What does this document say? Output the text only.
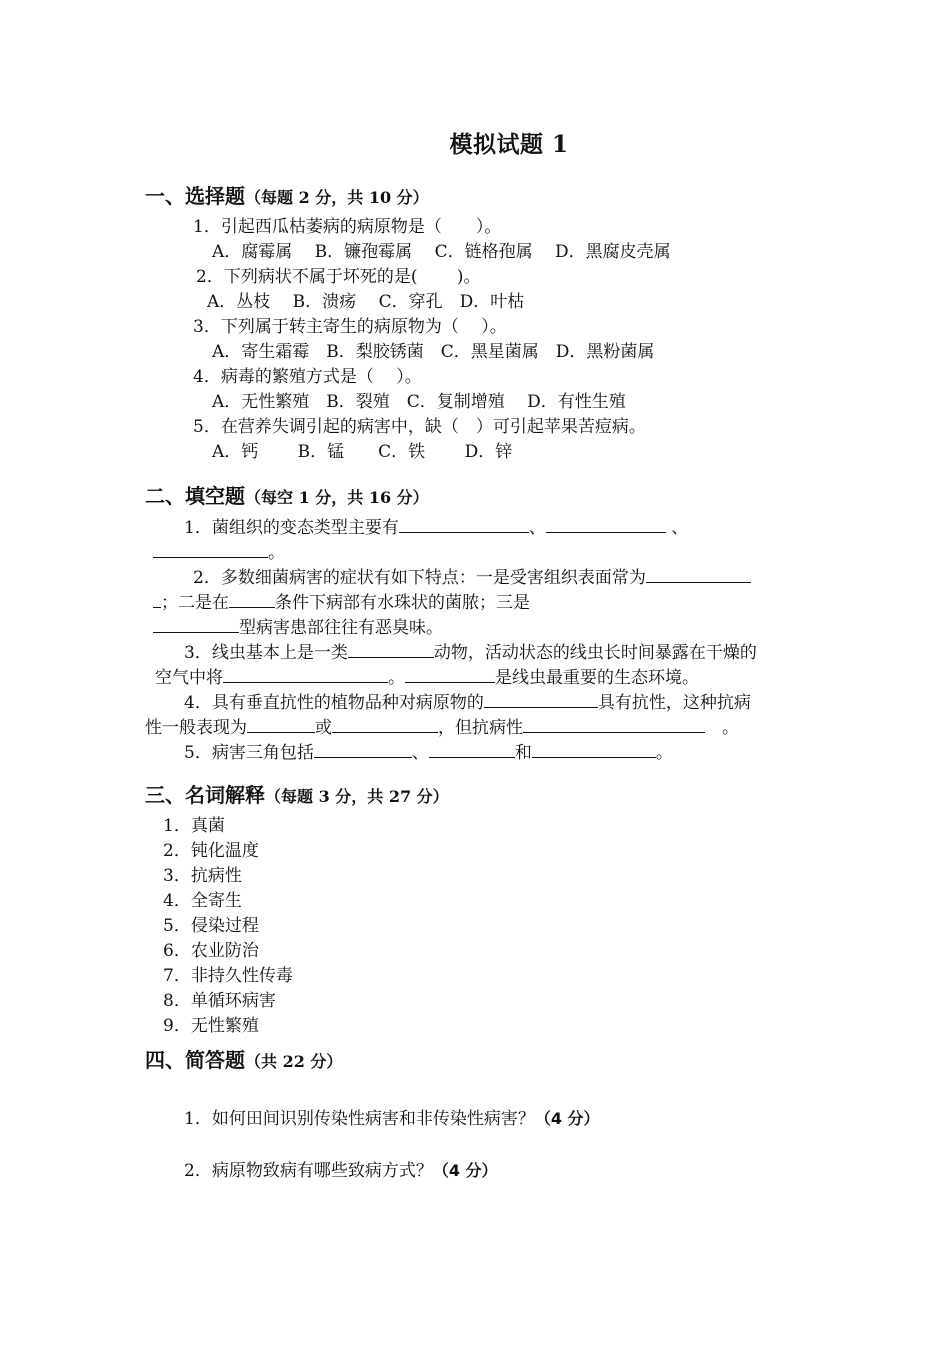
模拟试题 1
一、选择题（每题 2 分，共 10 分）
1．引起西瓜枯萎病的病原物是（　　）。
A．腐霉属　 B．镰孢霉属　 C．链格孢属　 D．黑腐皮壳属
2．下列病状不属于坏死的是(　　 )。
A．丛枝　 B．溃疡　 C．穿孔　D．叶枯
3．下列属于转主寄生的病原物为（　 ）。
A．寄生霜霉　B．梨胶锈菌　C．黑星菌属　D．黑粉菌属
4．病毒的繁殖方式是（　 ）。
A．无性繁殖　B．裂殖　C．复制增殖　 D．有性生殖
5．在营养失调引起的病害中，缺（　）可引起苹果苦痘病。
A．钙　　 B．锰　　C．铁　　 D．锌
二、填空题（每空 1 分，共 16 分）
1．菌组织的变态类型主要有	、	、
。
2．多数细菌病害的症状有如下特点：一是受害组织表面常为
；二是在	条件下病部有水珠状的菌脓；三是
型病害患部往往有恶臭味。
3．线虫基本上是一类	动物，活动状态的线虫长时间暴露在干燥的
空气中将	。	是线虫最重要的生态环境。
4．具有垂直抗性的植物品种对病原物的	具有抗性，这种抗病
性一般表现为	或	，但抗病性　	。
5．病害三角包括	、	和	。
三、名词解释（每题 3 分，共 27 分）
1．真菌
2．钝化温度
3．抗病性
4．全寄生
5．侵染过程
6．农业防治
7．非持久性传毒
8．单循环病害
9．无性繁殖
四、简答题（共 22 分）
1．如何田间识别传染性病害和非传染性病害？（4 分）
2．病原物致病有哪些致病方式？（4 分）
